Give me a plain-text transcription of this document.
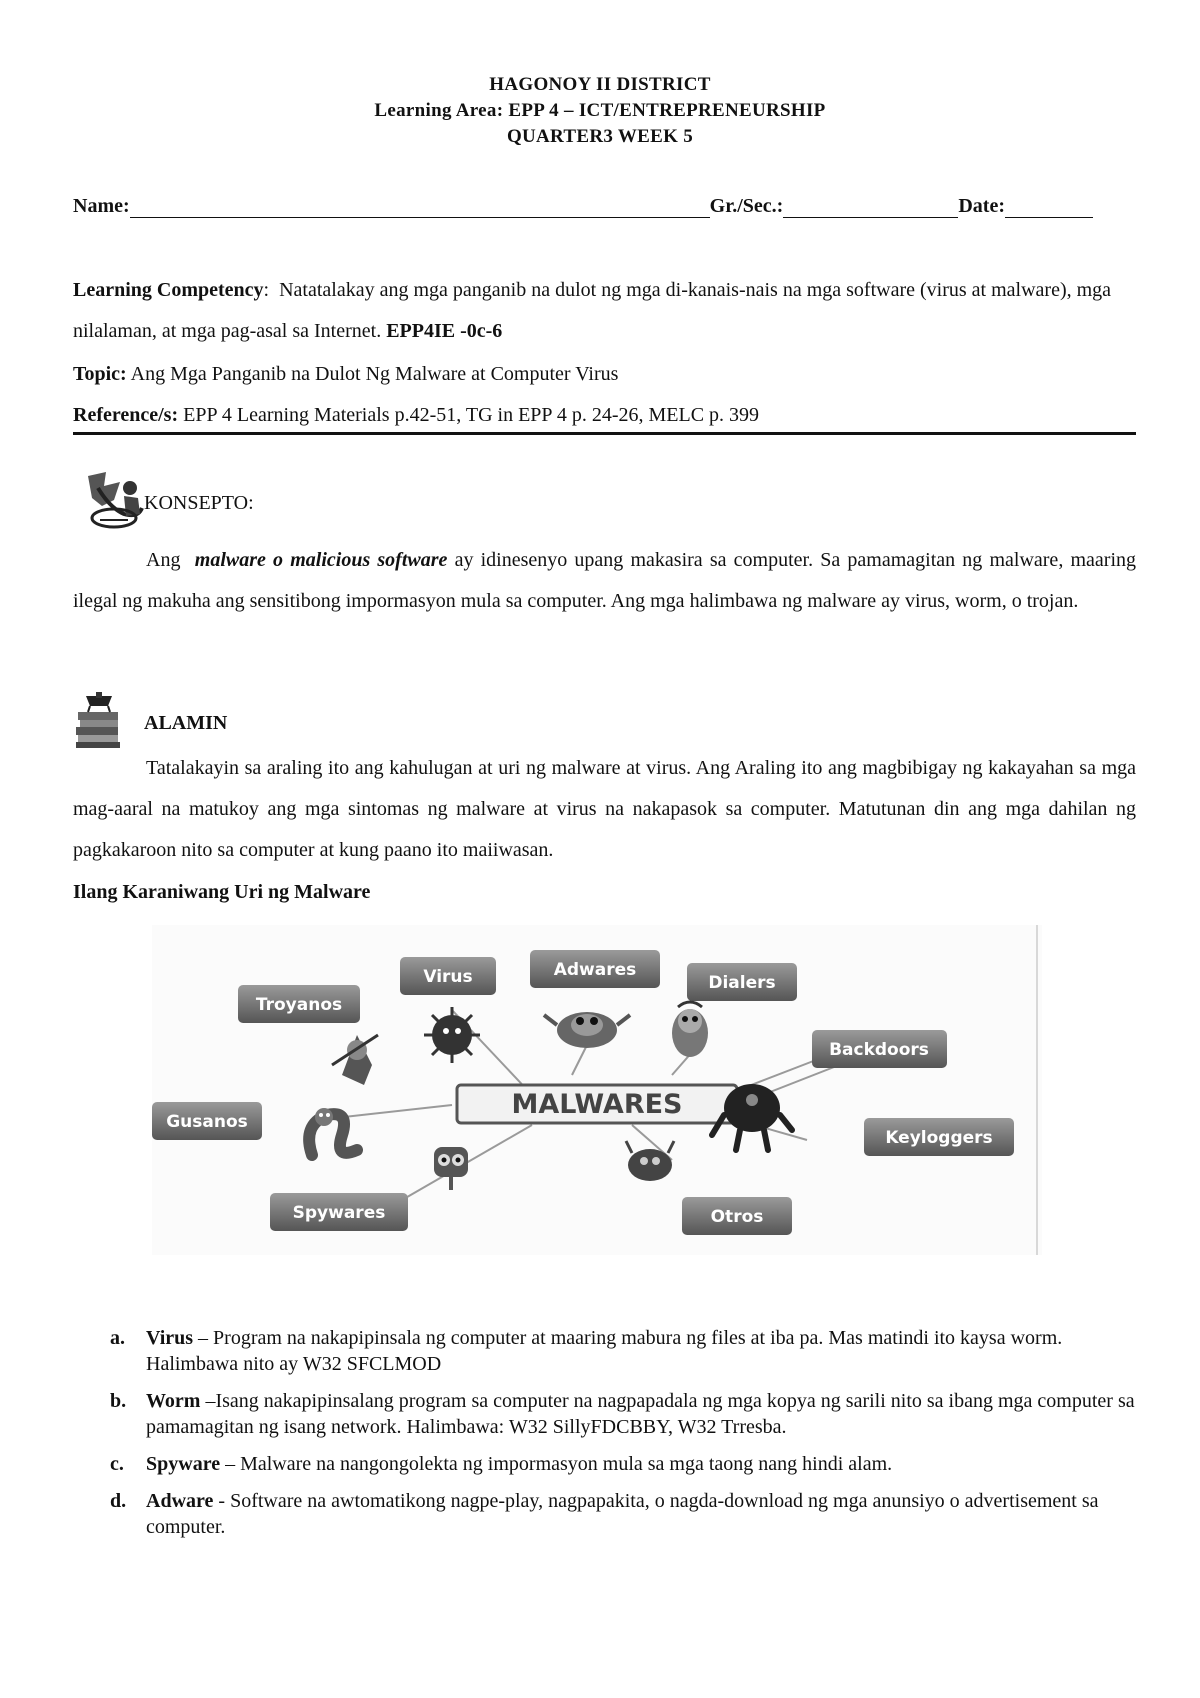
HAGONOY II DISTRICT
Learning Area: EPP 4 – ICT/ENTREPRENEURSHIP
QUARTER3 WEEK 5
Name:	Gr./Sec.:	Date:
Learning Competency: Natatalakay ang mga panganib na dulot ng mga di-kanais-nais na mga software (virus at malware), mga nilalaman, at mga pag-asal sa Internet. EPP4IE -0c-6
Topic: Ang Mga Panganib na Dulot Ng Malware at Computer Virus
Reference/s: EPP 4 Learning Materials p.42-51, TG in EPP 4 p. 24-26, MELC p. 399
KONSEPTO:
Ang malware o malicious software ay idinesenyo upang makasira sa computer. Sa pamamagitan ng malware, maaring ilegal ng makuha ang sensitibong impormasyon mula sa computer. Ang mga halimbawa ng malware ay virus, worm, o trojan.
ALAMIN
Tatalakayin sa araling ito ang kahulugan at uri ng malware at virus. Ang Araling ito ang magbibigay ng kakayahan sa mga mag-aaral na matukoy ang mga sintomas ng malware at virus na nakapasok sa computer. Matutunan din ang mga dahilan ng pagkakaroon nito sa computer at kung paano ito maiiwasan.
Ilang Karaniwang Uri ng Malware
MALWARES
Virus	Adwares
Dialers
Troyanos
Backdoors
Gusanos
Keyloggers
Spywares	Otros
a. Virus – Program na nakapipinsala ng computer at maaring mabura ng files at iba pa. Mas matindi ito kaysa worm. Halimbawa nito ay W32 SFCLMOD
b. Worm –Isang nakapipinsalang program sa computer na nagpapadala ng mga kopya ng sarili nito sa ibang mga computer sa pamamagitan ng isang network. Halimbawa: W32 SillyFDCBBY, W32 Trresba.
c. Spyware – Malware na nangongolekta ng impormasyon mula sa mga taong nang hindi alam.
d. Adware - Software na awtomatikong nagpe-play, nagpapakita, o nagda-download ng mga anunsiyo o advertisement sa computer.
